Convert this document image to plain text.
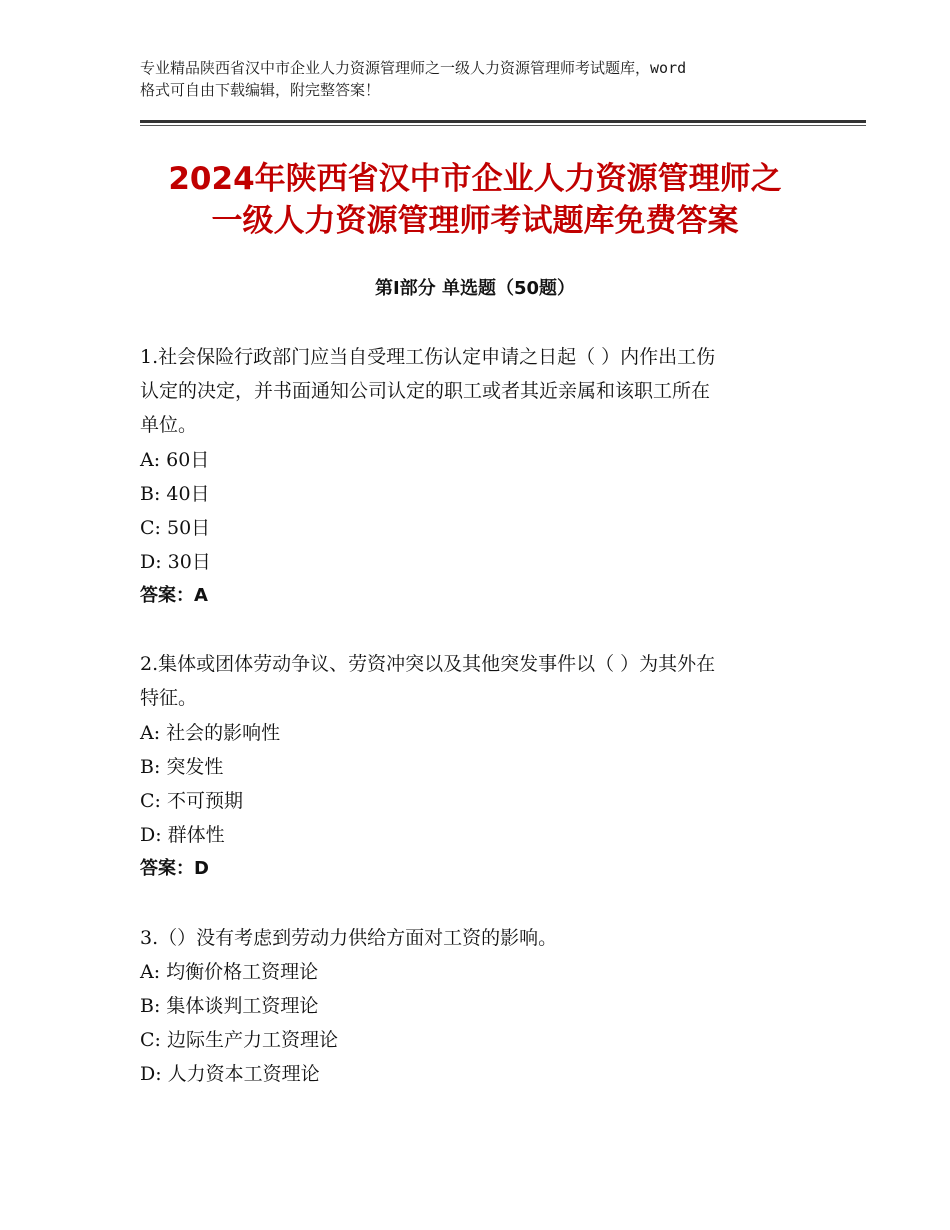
专业精品陕西省汉中市企业人力资源管理师之一级人力资源管理师考试题库，word
格式可自由下载编辑，附完整答案！
2024年陕西省汉中市企业人力资源管理师之
一级人力资源管理师考试题库免费答案
第Ⅰ部分 单选题（50题）
1.社会保险行政部门应当自受理工伤认定申请之日起（ ）内作出工伤
认定的决定，并书面通知公司认定的职工或者其近亲属和该职工所在
单位。
A: 60日
B: 40日
C: 50日
D: 30日
答案：A
2.集体或团体劳动争议、劳资冲突以及其他突发事件以（ ）为其外在
特征。
A: 社会的影响性
B: 突发性
C: 不可预期
D: 群体性
答案：D
3.（）没有考虑到劳动力供给方面对工资的影响。
A: 均衡价格工资理论
B: 集体谈判工资理论
C: 边际生产力工资理论
D: 人力资本工资理论
